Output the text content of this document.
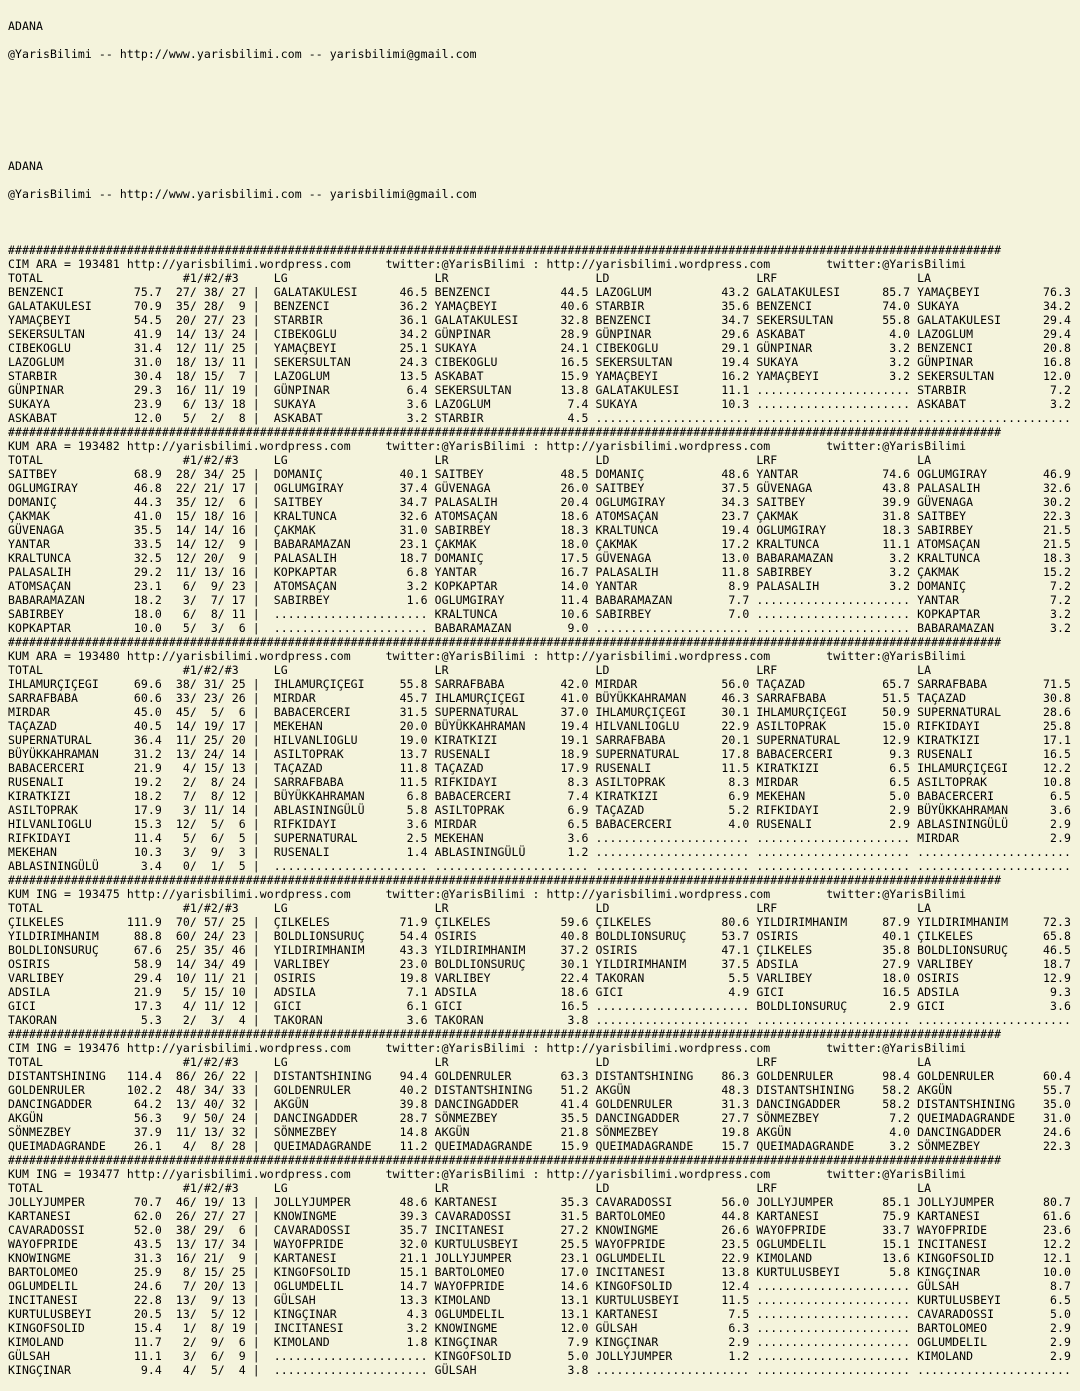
ADANA

@YarisBilimi -- http://www.yarisbilimi.com -- yarisbilimi@gmail.com

ADANA

@YarisBilimi -- http://www.yarisbilimi.com -- yarisbilimi@gmail.com

##############################################################################################################################################
CIM ARA = 193481 http://yarisbilimi.wordpress.com     twitter:@YarisBilimi : http://yarisbilimi.wordpress.com        twitter:@YarisBilimi
TOTAL                    #1/#2/#3     LG                     LR                     LD                     LRF                    LA
BENZENCI          75.7  27/ 38/ 27 |  GALATAKULESI      46.5 BENZENCI          44.5 LAZOGLUM          43.2 GALATAKULESI      85.7 YAMAÇBEYI         76.3
GALATAKULESI      70.9  35/ 28/  9 |  BENZENCI          36.2 YAMAÇBEYI         40.6 STARBIR           35.6 BENZENCI          74.0 SUKAYA            34.2
YAMAÇBEYI         54.5  20/ 27/ 23 |  STARBIR           36.1 GALATAKULESI      32.8 BENZENCI          34.7 SEKERSULTAN       55.8 GALATAKULESI      29.4
SEKERSULTAN       41.9  14/ 13/ 24 |  CIBEKOGLU         34.2 GÜNPINAR          28.9 GÜNPINAR          29.6 ASKABAT            4.0 LAZOGLUM          29.4
CIBEKOGLU         31.4  12/ 11/ 25 |  YAMAÇBEYI         25.1 SUKAYA            24.1 CIBEKOGLU         29.1 GÜNPINAR           3.2 BENZENCI          20.8
LAZOGLUM          31.0  18/ 13/ 11 |  SEKERSULTAN       24.3 CIBEKOGLU         16.5 SEKERSULTAN       19.4 SUKAYA             3.2 GÜNPINAR          16.8
STARBIR           30.4  18/ 15/  7 |  LAZOGLUM          13.5 ASKABAT           15.9 YAMAÇBEYI         16.2 YAMAÇBEYI          3.2 SEKERSULTAN       12.0
GÜNPINAR          29.3  16/ 11/ 19 |  GÜNPINAR           6.4 SEKERSULTAN       13.8 GALATAKULESI      11.1 ...................... STARBIR            7.2
SUKAYA            23.9   6/ 13/ 18 |  SUKAYA             3.6 LAZOGLUM           7.4 SUKAYA            10.3 ...................... ASKABAT            3.2
ASKABAT           12.0   5/  2/  8 |  ASKABAT            3.2 STARBIR            4.5 ...................... ...................... ......................
##############################################################################################################################################
KUM ARA = 193482 http://yarisbilimi.wordpress.com     twitter:@YarisBilimi : http://yarisbilimi.wordpress.com        twitter:@YarisBilimi
TOTAL                    #1/#2/#3     LG                     LR                     LD                     LRF                    LA
SAITBEY           68.9  28/ 34/ 25 |  DOMANIÇ           40.1 SAITBEY           48.5 DOMANIÇ           48.6 YANTAR            74.6 OGLUMGIRAY        46.9
OGLUMGIRAY        46.8  22/ 21/ 17 |  OGLUMGIRAY        37.4 GÜVENAGA          26.0 SAITBEY           37.5 GÜVENAGA          43.8 PALASALIH         32.6
DOMANIÇ           44.3  35/ 12/  6 |  SAITBEY           34.7 PALASALIH         20.4 OGLUMGIRAY        34.3 SAITBEY           39.9 GÜVENAGA          30.2
ÇAKMAK            41.0  15/ 18/ 16 |  KRALTUNCA         32.6 ATOMSAÇAN         18.6 ATOMSAÇAN         23.7 ÇAKMAK            31.8 SAITBEY           22.3
GÜVENAGA          35.5  14/ 14/ 16 |  ÇAKMAK            31.0 SABIRBEY          18.3 KRALTUNCA         19.4 OGLUMGIRAY        18.3 SABIRBEY          21.5
YANTAR            33.5  14/ 12/  9 |  BABARAMAZAN       23.1 ÇAKMAK            18.0 ÇAKMAK            17.2 KRALTUNCA         11.1 ATOMSAÇAN         21.5
KRALTUNCA         32.5  12/ 20/  9 |  PALASALIH         18.7 DOMANIÇ           17.5 GÜVENAGA          13.0 BABARAMAZAN        3.2 KRALTUNCA         18.3
PALASALIH         29.2  11/ 13/ 16 |  KOPKAPTAR          6.8 YANTAR            16.7 PALASALIH         11.8 SABIRBEY           3.2 ÇAKMAK            15.2
ATOMSAÇAN         23.1   6/  9/ 23 |  ATOMSAÇAN          3.2 KOPKAPTAR         14.0 YANTAR             8.9 PALASALIH          3.2 DOMANIÇ            7.2
BABARAMAZAN       18.2   3/  7/ 17 |  SABIRBEY           1.6 OGLUMGIRAY        11.4 BABARAMAZAN        7.7 ...................... YANTAR             7.2
SABIRBEY          18.0   6/  8/ 11 |  ...................... KRALTUNCA         10.6 SABIRBEY           7.0 ...................... KOPKAPTAR          3.2
KOPKAPTAR         10.0   5/  3/  6 |  ...................... BABARAMAZAN        9.0 ...................... ...................... BABARAMAZAN        3.2
##############################################################################################################################################
KUM ARA = 193480 http://yarisbilimi.wordpress.com     twitter:@YarisBilimi : http://yarisbilimi.wordpress.com        twitter:@YarisBilimi
TOTAL                    #1/#2/#3     LG                     LR                     LD                     LRF                    LA
IHLAMURÇIÇEGI     69.6  38/ 31/ 25 |  IHLAMURÇIÇEGI     55.8 SARRAFBABA        42.0 MIRDAR            56.0 TAÇAZAD           65.7 SARRAFBABA        71.5
SARRAFBABA        60.6  33/ 23/ 26 |  MIRDAR            45.7 IHLAMURÇIÇEGI     41.0 BÜYÜKKAHRAMAN     46.3 SARRAFBABA        51.5 TAÇAZAD           30.8
MIRDAR            45.0  45/  5/  6 |  BABACERCERI       31.5 SUPERNATURAL      37.0 IHLAMURÇIÇEGI     30.1 IHLAMURÇIÇEGI     50.9 SUPERNATURAL      28.6
TAÇAZAD           40.5  14/ 19/ 17 |  MEKEHAN           20.0 BÜYÜKKAHRAMAN     19.4 HILVANLIOGLU      22.9 ASILTOPRAK        15.0 RIFKIDAYI         25.8
SUPERNATURAL      36.4  11/ 25/ 20 |  HILVANLIOGLU      19.0 KIRATKIZI         19.1 SARRAFBABA        20.1 SUPERNATURAL      12.9 KIRATKIZI         17.1
BÜYÜKKAHRAMAN     31.2  13/ 24/ 14 |  ASILTOPRAK        13.7 RUSENALI          18.9 SUPERNATURAL      17.8 BABACERCERI        9.3 RUSENALI          16.5
BABACERCERI       21.9   4/ 15/ 13 |  TAÇAZAD           11.8 TAÇAZAD           17.9 RUSENALI          11.5 KIRATKIZI          6.5 IHLAMURÇIÇEGI     12.2
RUSENALI          19.2   2/  8/ 24 |  SARRAFBABA        11.5 RIFKIDAYI          8.3 ASILTOPRAK         8.3 MIRDAR             6.5 ASILTOPRAK        10.8
KIRATKIZI         18.2   7/  8/ 12 |  BÜYÜKKAHRAMAN      6.8 BABACERCERI        7.4 KIRATKIZI          6.9 MEKEHAN            5.0 BABACERCERI        6.5
ASILTOPRAK        17.9   3/ 11/ 14 |  ABLASININGÜLÜ      5.8 ASILTOPRAK         6.9 TAÇAZAD            5.2 RIFKIDAYI          2.9 BÜYÜKKAHRAMAN      3.6
HILVANLIOGLU      15.3  12/  5/  6 |  RIFKIDAYI          3.6 MIRDAR             6.5 BABACERCERI        4.0 RUSENALI           2.9 ABLASININGÜLÜ      2.9
RIFKIDAYI         11.4   5/  6/  5 |  SUPERNATURAL       2.5 MEKEHAN            3.6 ...................... ...................... MIRDAR             2.9
MEKEHAN           10.3   3/  9/  3 |  RUSENALI           1.4 ABLASININGÜLÜ      1.2 ...................... ...................... ......................
ABLASININGÜLÜ      3.4   0/  1/  5 |  ...................... ...................... ...................... ...................... ......................
##############################################################################################################################################
KUM ING = 193475 http://yarisbilimi.wordpress.com     twitter:@YarisBilimi : http://yarisbilimi.wordpress.com        twitter:@YarisBilimi
TOTAL                    #1/#2/#3     LG                     LR                     LD                     LRF                    LA
ÇILKELES         111.9  70/ 57/ 25 |  ÇILKELES          71.9 ÇILKELES          59.6 ÇILKELES          80.6 YILDIRIMHANIM     87.9 YILDIRIMHANIM     72.3
YILDIRIMHANIM     88.8  60/ 24/ 23 |  BOLDLIONSURUÇ     54.4 OSIRIS            40.8 BOLDLIONSURUÇ     53.7 OSIRIS            40.1 ÇILKELES          65.8
BOLDLIONSURUÇ     67.6  25/ 35/ 46 |  YILDIRIMHANIM     43.3 YILDIRIMHANIM     37.2 OSIRIS            47.1 ÇILKELES          35.8 BOLDLIONSURUÇ     46.5
OSIRIS            58.9  14/ 34/ 49 |  VARLIBEY          23.0 BOLDLIONSURUÇ     30.1 YILDIRIMHANIM     37.5 ADSILA            27.9 VARLIBEY          18.7
VARLIBEY          29.4  10/ 11/ 21 |  OSIRIS            19.8 VARLIBEY          22.4 TAKORAN            5.5 VARLIBEY          18.0 OSIRIS            12.9
ADSILA            21.9   5/ 15/ 10 |  ADSILA             7.1 ADSILA            18.6 GICI               4.9 GICI              16.5 ADSILA             9.3
GICI              17.3   4/ 11/ 12 |  GICI               6.1 GICI              16.5 ...................... BOLDLIONSURUÇ      2.9 GICI               3.6
TAKORAN            5.3   2/  3/  4 |  TAKORAN            3.6 TAKORAN            3.8 ...................... ...................... ......................
##############################################################################################################################################
CIM ING = 193476 http://yarisbilimi.wordpress.com     twitter:@YarisBilimi : http://yarisbilimi.wordpress.com        twitter:@YarisBilimi
TOTAL                    #1/#2/#3     LG                     LR                     LD                     LRF                    LA
DISTANTSHINING   114.4  86/ 26/ 22 |  DISTANTSHINING    94.4 GOLDENRULER       63.3 DISTANTSHINING    86.3 GOLDENRULER       98.4 GOLDENRULER       60.4
GOLDENRULER      102.2  48/ 34/ 33 |  GOLDENRULER       40.2 DISTANTSHINING    51.2 AKGÜN             48.3 DISTANTSHINING    58.2 AKGÜN             55.7
DANCINGADDER      64.2  13/ 40/ 32 |  AKGÜN             39.8 DANCINGADDER      41.4 GOLDENRULER       31.3 DANCINGADDER      58.2 DISTANTSHINING    35.0
AKGÜN             56.3   9/ 50/ 24 |  DANCINGADDER      28.7 SÖNMEZBEY         35.5 DANCINGADDER      27.7 SÖNMEZBEY          7.2 QUEIMADAGRANDE    31.0
SÖNMEZBEY         37.9  11/ 13/ 32 |  SÖNMEZBEY         14.8 AKGÜN             21.8 SÖNMEZBEY         19.8 AKGÜN              4.0 DANCINGADDER      24.6
QUEIMADAGRANDE    26.1   4/  8/ 28 |  QUEIMADAGRANDE    11.2 QUEIMADAGRANDE    15.9 QUEIMADAGRANDE    15.7 QUEIMADAGRANDE     3.2 SÖNMEZBEY         22.3
##############################################################################################################################################
KUM ING = 193477 http://yarisbilimi.wordpress.com     twitter:@YarisBilimi : http://yarisbilimi.wordpress.com        twitter:@YarisBilimi
TOTAL                    #1/#2/#3     LG                     LR                     LD                     LRF                    LA
JOLLYJUMPER       70.7  46/ 19/ 13 |  JOLLYJUMPER       48.6 KARTANESI         35.3 CAVARADOSSI       56.0 JOLLYJUMPER       85.1 JOLLYJUMPER       80.7
KARTANESI         62.0  26/ 27/ 27 |  KNOWINGME         39.3 CAVARADOSSI       31.5 BARTOLOMEO        44.8 KARTANESI         75.9 KARTANESI         61.6
CAVARADOSSI       52.0  38/ 29/  6 |  CAVARADOSSI       35.7 INCITANESI        27.2 KNOWINGME         26.6 WAYOFPRIDE        33.7 WAYOFPRIDE        23.6
WAYOFPRIDE        43.5  13/ 17/ 34 |  WAYOFPRIDE        32.0 KURTULUSBEYI      25.5 WAYOFPRIDE        23.5 OGLUMDELIL        15.1 INCITANESI        12.2
KNOWINGME         31.3  16/ 21/  9 |  KARTANESI         21.1 JOLLYJUMPER       23.1 OGLUMDELIL        22.9 KIMOLAND          13.6 KINGOFSOLID       12.1
BARTOLOMEO        25.9   8/ 15/ 25 |  KINGOFSOLID       15.1 BARTOLOMEO        17.0 INCITANESI        13.8 KURTULUSBEYI       5.8 KINGÇINAR         10.0
OGLUMDELIL        24.6   7/ 20/ 13 |  OGLUMDELIL        14.7 WAYOFPRIDE        14.6 KINGOFSOLID       12.4 ...................... GÜLSAH             8.7
INCITANESI        22.8  13/  9/ 13 |  GÜLSAH            13.3 KIMOLAND          13.1 KURTULUSBEYI      11.5 ...................... KURTULUSBEYI       6.5
KURTULUSBEYI      20.5  13/  5/ 12 |  KINGÇINAR          4.3 OGLUMDELIL        13.1 KARTANESI          7.5 ...................... CAVARADOSSI        5.0
KINGOFSOLID       15.4   1/  8/ 19 |  INCITANESI         3.2 KNOWINGME         12.0 GÜLSAH             6.3 ...................... BARTOLOMEO         2.9
KIMOLAND          11.7   2/  9/  6 |  KIMOLAND           1.8 KINGÇINAR          7.9 KINGÇINAR          2.9 ...................... OGLUMDELIL         2.9
GÜLSAH            11.1   3/  6/  9 |  ...................... KINGOFSOLID        5.0 JOLLYJUMPER        1.2 ...................... KIMOLAND           2.9
KINGÇINAR          9.4   4/  5/  4 |  ...................... GÜLSAH             3.8 ...................... ...................... ......................
